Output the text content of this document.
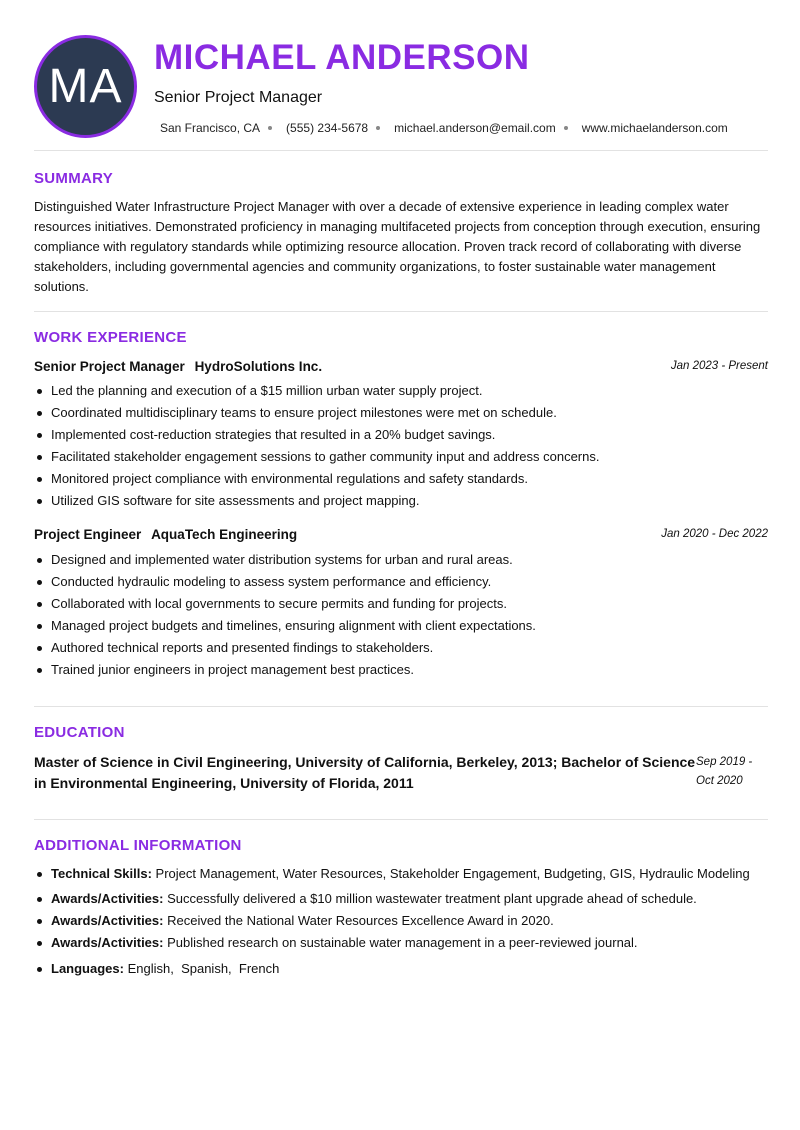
MA
MICHAEL ANDERSON
Senior Project Manager
San Francisco, CA (555) 234-5678 michael.anderson@email.com www.michaelanderson.com
SUMMARY
Distinguished Water Infrastructure Project Manager with over a decade of extensive experience in leading complex water resources initiatives. Demonstrated proficiency in managing multifaceted projects from conception through execution, ensuring compliance with regulatory standards while optimizing resource allocation. Proven track record of collaborating with diverse stakeholders, including governmental agencies and community organizations, to foster sustainable water management solutions.
WORK EXPERIENCE
Senior Project Manager HydroSolutions Inc.	Jan 2023 - Present
Led the planning and execution of a $15 million urban water supply project.
Coordinated multidisciplinary teams to ensure project milestones were met on schedule.
Implemented cost-reduction strategies that resulted in a 20% budget savings.
Facilitated stakeholder engagement sessions to gather community input and address concerns.
Monitored project compliance with environmental regulations and safety standards.
Utilized GIS software for site assessments and project mapping.
Project Engineer AquaTech Engineering	Jan 2020 - Dec 2022
Designed and implemented water distribution systems for urban and rural areas.
Conducted hydraulic modeling to assess system performance and efficiency.
Collaborated with local governments to secure permits and funding for projects.
Managed project budgets and timelines, ensuring alignment with client expectations.
Authored technical reports and presented findings to stakeholders.
Trained junior engineers in project management best practices.
EDUCATION
Master of Science in Civil Engineering, University of California, Berkeley, 2013; Bachelor of Science in Environmental Engineering, University of Florida, 2011
Sep 2019 -
Oct 2020
ADDITIONAL INFORMATION
Technical Skills: Project Management, Water Resources, Stakeholder Engagement, Budgeting, GIS, Hydraulic Modeling
Awards/Activities: Successfully delivered a $10 million wastewater treatment plant upgrade ahead of schedule.
Awards/Activities: Received the National Water Resources Excellence Award in 2020.
Awards/Activities: Published research on sustainable water management in a peer-reviewed journal.
Languages: English,  Spanish,  French
